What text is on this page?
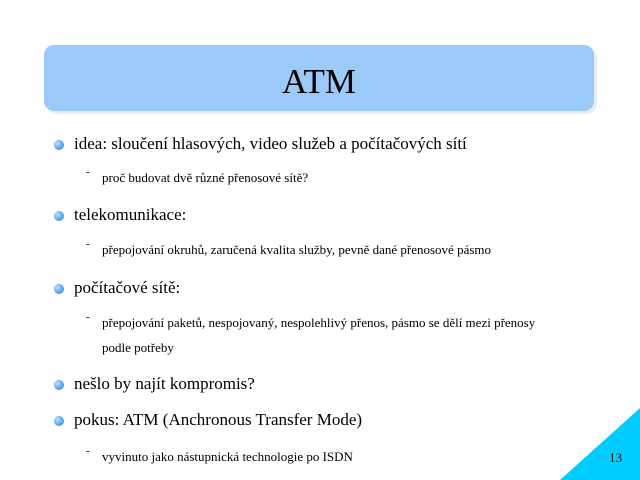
ATM
idea: sloučení hlasových, video služeb a počítačových sítí
- proč budovat dvě různé přenosové sítě?
telekomunikace:
- přepojování okruhů, zaručená kvalita služby, pevně dané přenosové pásmo
počítačové sítě:
- přepojování paketů, nespojovaný, nespolehlivý přenos, pásmo se dělí mezi přenosy
podle potřeby
nešlo by najít kompromis?
pokus: ATM (Anchronous Transfer Mode)
- vyvinuto jako nástupnická technologie po ISDN	13
